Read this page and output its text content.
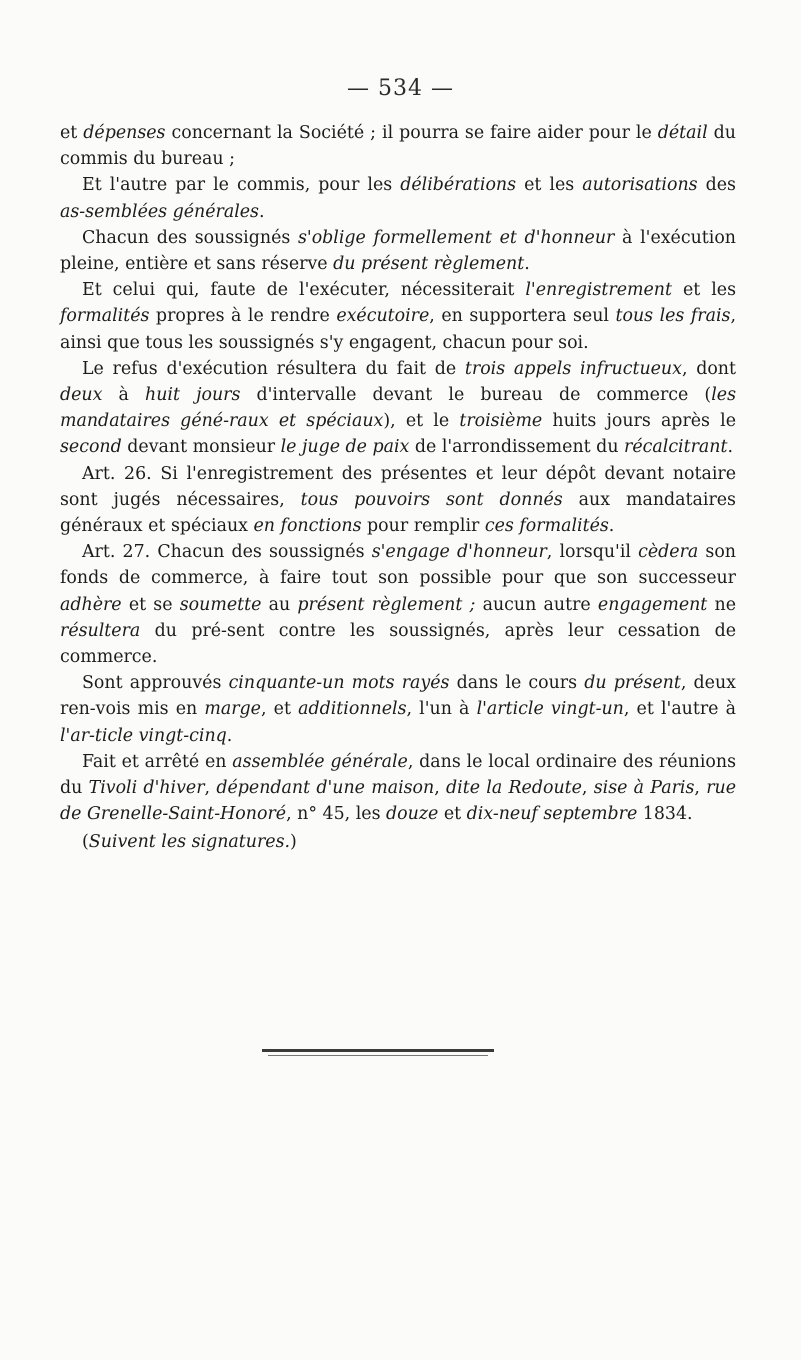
— 534 —

et dépenses concernant la Société ; il pourra se faire aider pour le détail du commis du bureau ;

Et l'autre par le commis, pour les délibérations et les autorisations des as-semblées générales.

Chacun des soussignés s'oblige formellement et d'honneur à l'exécution pleine, entière et sans réserve du présent règlement.

Et celui qui, faute de l'exécuter, nécessiterait l'enregistrement et les formalités propres à le rendre exécutoire, en supportera seul tous les frais, ainsi que tous les soussignés s'y engagent, chacun pour soi.

Le refus d'exécution résultera du fait de trois appels infructueux, dont deux à huit jours d'intervalle devant le bureau de commerce (les mandataires géné-raux et spéciaux), et le troisième huits jours après le second devant monsieur le juge de paix de l'arrondissement du récalcitrant.

Art. 26. Si l'enregistrement des présentes et leur dépôt devant notaire sont jugés nécessaires, tous pouvoirs sont donnés aux mandataires généraux et spéciaux en fonctions pour remplir ces formalités.

Art. 27. Chacun des soussignés s'engage d'honneur, lorsqu'il cèdera son fonds de commerce, à faire tout son possible pour que son successeur adhère et se soumette au présent règlement ; aucun autre engagement ne résultera du pré-sent contre les soussignés, après leur cessation de commerce.

Sont approuvés cinquante-un mots rayés dans le cours du présent, deux ren-vois mis en marge, et additionnels, l'un à l'article vingt-un, et l'autre à l'ar-ticle vingt-cinq.

Fait et arrêté en assemblée générale, dans le local ordinaire des réunions du Tivoli d'hiver, dépendant d'une maison, dite la Redoute, sise à Paris, rue de Grenelle-Saint-Honoré, n° 45, les douze et dix-neuf septembre 1834.

(Suivent les signatures.)
